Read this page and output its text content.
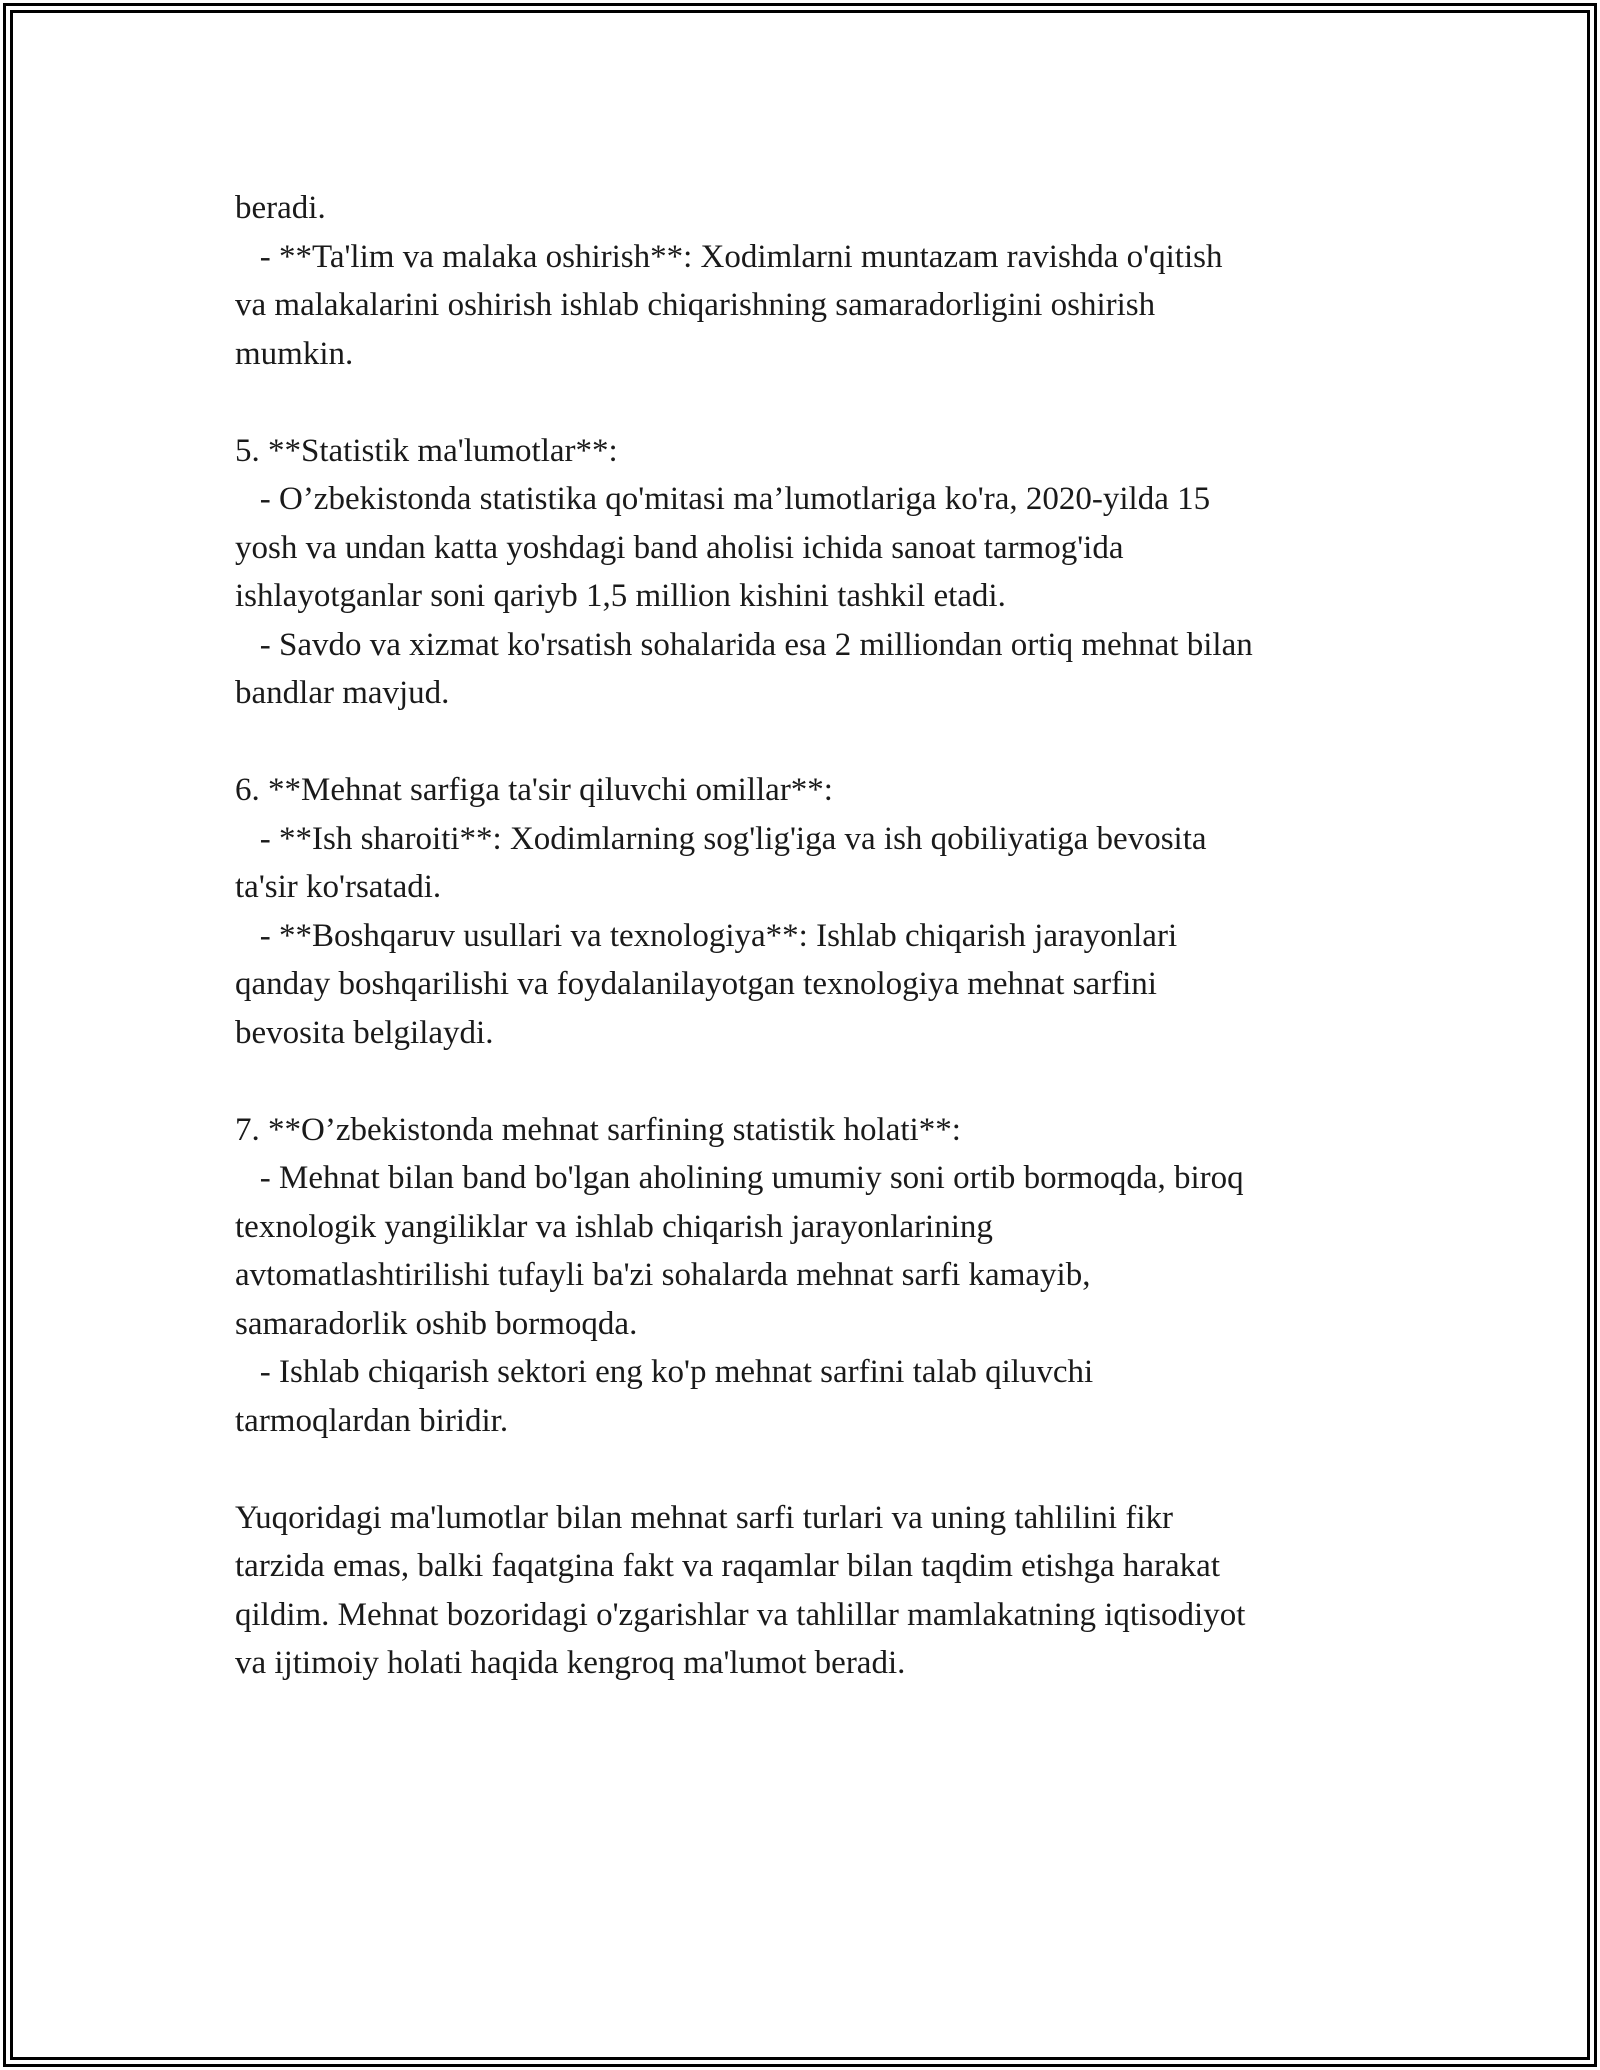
beradi.
- **Ta'lim va malaka oshirish**: Xodimlarni muntazam ravishda o'qitish
va malakalarini oshirish ishlab chiqarishning samaradorligini oshirish
mumkin.
5. **Statistik ma'lumotlar**:
- O’zbekistonda statistika qo'mitasi ma’lumotlariga ko'ra, 2020-yilda 15
yosh va undan katta yoshdagi band aholisi ichida sanoat tarmog'ida
ishlayotganlar soni qariyb 1,5 million kishini tashkil etadi.
- Savdo va xizmat ko'rsatish sohalarida esa 2 milliondan ortiq mehnat bilan
bandlar mavjud.
6. **Mehnat sarfiga ta'sir qiluvchi omillar**:
- **Ish sharoiti**: Xodimlarning sog'lig'iga va ish qobiliyatiga bevosita
ta'sir ko'rsatadi.
- **Boshqaruv usullari va texnologiya**: Ishlab chiqarish jarayonlari
qanday boshqarilishi va foydalanilayotgan texnologiya mehnat sarfini
bevosita belgilaydi.
7. **O’zbekistonda mehnat sarfining statistik holati**:
- Mehnat bilan band bo'lgan aholining umumiy soni ortib bormoqda, biroq
texnologik yangiliklar va ishlab chiqarish jarayonlarining
avtomatlashtirilishi tufayli ba'zi sohalarda mehnat sarfi kamayib,
samaradorlik oshib bormoqda.
- Ishlab chiqarish sektori eng ko'p mehnat sarfini talab qiluvchi
tarmoqlardan biridir.
Yuqoridagi ma'lumotlar bilan mehnat sarfi turlari va uning tahlilini fikr
tarzida emas, balki faqatgina fakt va raqamlar bilan taqdim etishga harakat
qildim. Mehnat bozoridagi o'zgarishlar va tahlillar mamlakatning iqtisodiyot
va ijtimoiy holati haqida kengroq ma'lumot beradi.
